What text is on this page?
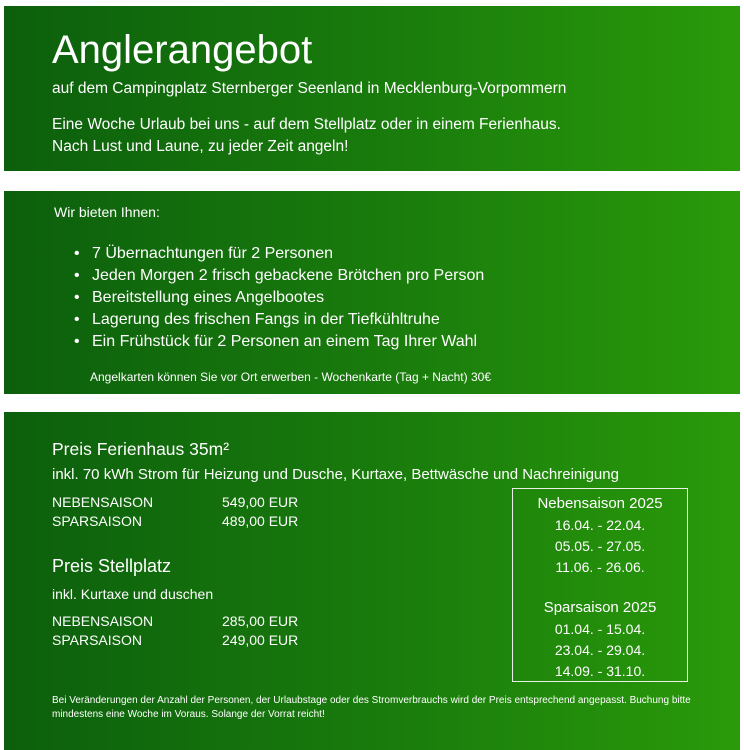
Anglerangebot
auf dem Campingplatz Sternberger Seenland in Mecklenburg-Vorpommern
Eine Woche Urlaub bei uns - auf dem Stellplatz oder in einem Ferienhaus.
Nach Lust und Laune, zu jeder Zeit angeln!
Wir bieten Ihnen:
• 7 Übernachtungen für 2 Personen
• Jeden Morgen 2 frisch gebackene Brötchen pro Person
• Bereitstellung eines Angelbootes
• Lagerung des frischen Fangs in der Tiefkühltruhe
• Ein Frühstück für 2 Personen an einem Tag Ihrer Wahl
Angelkarten können Sie vor Ort erwerben - Wochenkarte (Tag + Nacht) 30€
Preis Ferienhaus 35m²
inkl. 70 kWh Strom für Heizung und Dusche, Kurtaxe, Bettwäsche und Nachreinigung
NEBENSAISON	549,00 EUR
SPARSAISON	489,00 EUR
Preis Stellplatz
inkl. Kurtaxe und duschen
NEBENSAISON	285,00 EUR
SPARSAISON	249,00 EUR
Nebensaison 2025
16.04. - 22.04.
05.05. - 27.05.
11.06. - 26.06.
Sparsaison 2025
01.04. - 15.04.
23.04. - 29.04.
14.09. - 31.10.
Bei Veränderungen der Anzahl der Personen, der Urlaubstage oder des Stromverbrauchs wird der Preis entsprechend angepasst. Buchung bitte mindestens eine Woche im Voraus. Solange der Vorrat reicht!
